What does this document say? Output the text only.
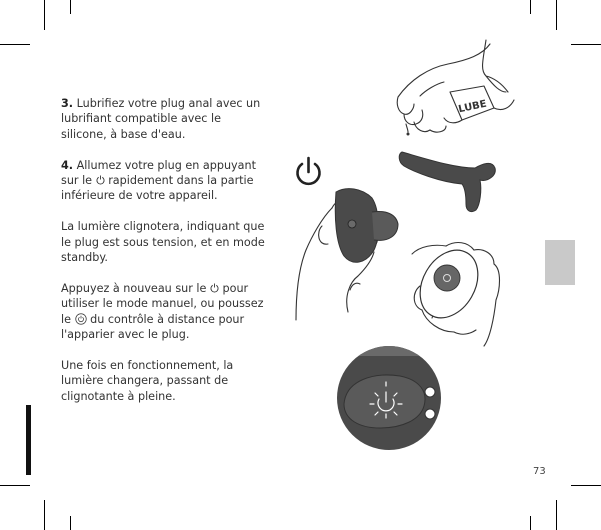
3. Lubrifiez votre plug anal avec un lubrifiant compatible avec le silicone, à base d'eau.

4. Allumez votre plug en appuyant sur le rapidement dans la partie inférieure de votre appareil.

La lumière clignotera, indiquant que le plug est sous tension, et en mode standby.

Appuyez à nouveau sur le pour utiliser le mode manuel, ou poussez le du contrôle à distance pour l'apparier avec le plug.

Une fois en fonctionnement, la lumière changera, passant de clignotante à pleine.

LUBE
73
